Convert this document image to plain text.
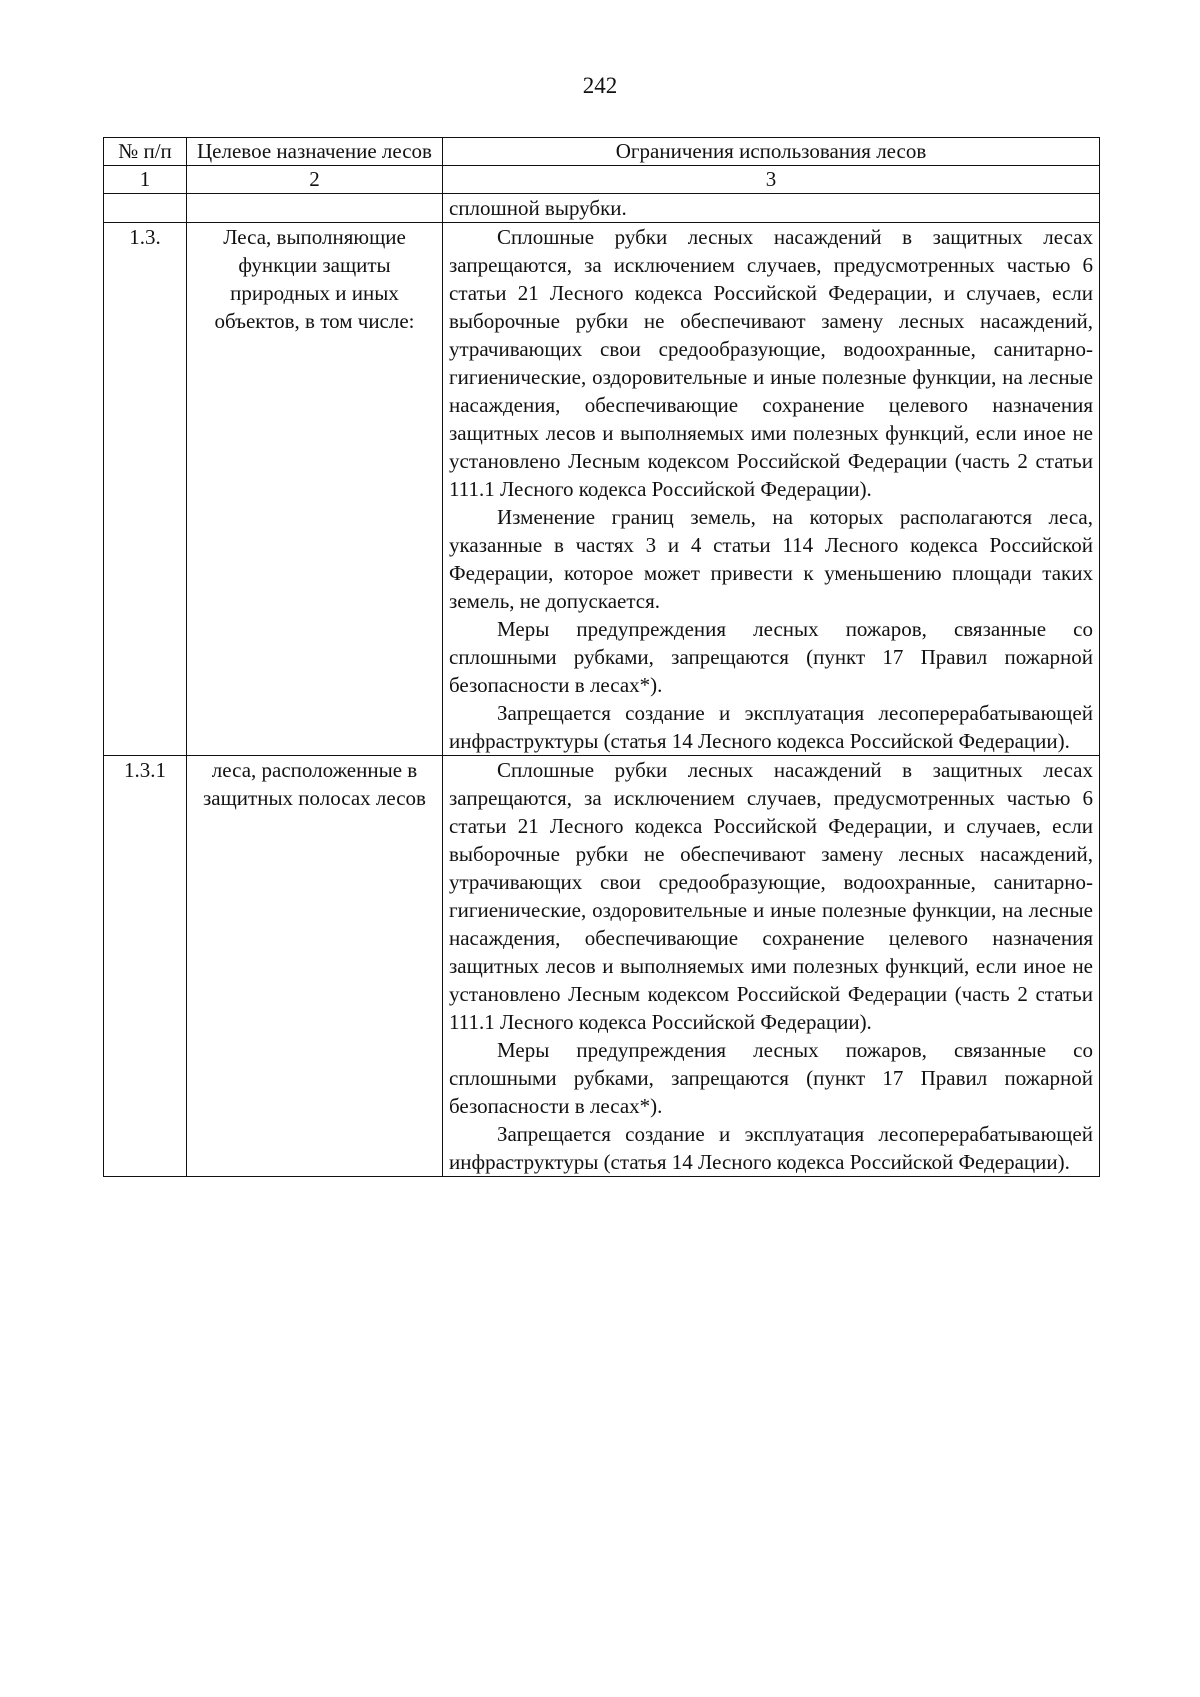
242
№ п/п	Целевое назначение лесов	Ограничения использования лесов
1	2	3

		сплошной вырубки.

1.3.	Леса, выполняющие функции защиты природных и иных объектов, в том числе:	Сплошные рубки лесных насаждений в защитных лесах запрещаются, за исключением случаев, предусмотренных частью 6 статьи 21 Лесного кодекса Российской Федерации, и случаев, если выборочные рубки не обеспечивают замену лесных насаждений, утрачивающих свои средообразующие, водоохранные, санитарно-гигиенические, оздоровительные и иные полезные функции, на лесные насаждения, обеспечивающие сохранение целевого назначения защитных лесов и выполняемых ими полезных функций, если иное не установлено Лесным кодексом Российской Федерации (часть 2 статьи 111.1 Лесного кодекса Российской Федерации).

Изменение границ земель, на которых располагаются леса, указанные в частях 3 и 4 статьи 114 Лесного кодекса Российской Федерации, которое может привести к уменьшению площади таких земель, не допускается.

Меры предупреждения лесных пожаров, связанные со сплошными рубками, запрещаются (пункт 17 Правил пожарной безопасности в лесах*).

Запрещается создание и эксплуатация лесоперерабатывающей инфраструктуры (статья 14 Лесного кодекса Российской Федерации).

1.3.1	леса, расположенные в защитных полосах лесов	Сплошные рубки лесных насаждений в защитных лесах запрещаются, за исключением случаев, предусмотренных частью 6 статьи 21 Лесного кодекса Российской Федерации, и случаев, если выборочные рубки не обеспечивают замену лесных насаждений, утрачивающих свои средообразующие, водоохранные, санитарно-гигиенические, оздоровительные и иные полезные функции, на лесные насаждения, обеспечивающие сохранение целевого назначения защитных лесов и выполняемых ими полезных функций, если иное не установлено Лесным кодексом Российской Федерации (часть 2 статьи 111.1 Лесного кодекса Российской Федерации).

Меры предупреждения лесных пожаров, связанные со сплошными рубками, запрещаются (пункт 17 Правил пожарной безопасности в лесах*).

Запрещается создание и эксплуатация лесоперерабатывающей инфраструктуры (статья 14 Лесного кодекса Российской Федерации).
